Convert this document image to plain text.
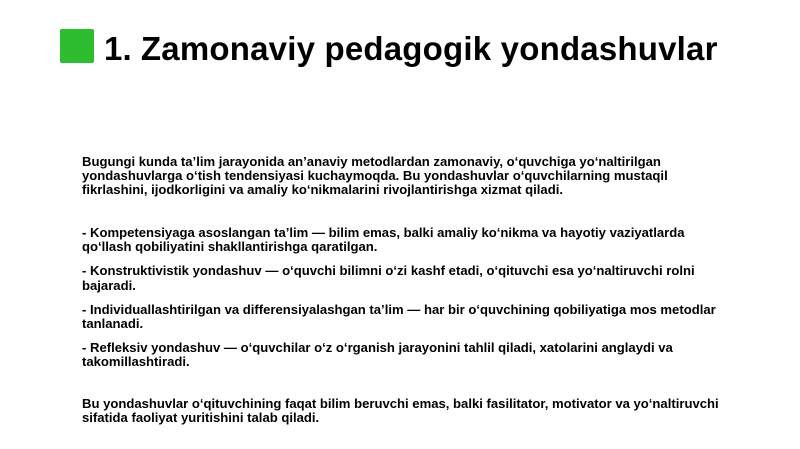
1. Zamonaviy pedagogik yondashuvlar

Bugungi kunda ta’lim jarayonida an’anaviy metodlardan zamonaviy, o‘quvchiga yo‘naltirilgan yondashuvlarga o‘tish tendensiyasi kuchaymoqda. Bu yondashuvlar o‘quvchilarning mustaqil fikrlashini, ijodkorligini va amaliy ko‘nikmalarini rivojlantirishga xizmat qiladi.

- Kompetensiyaga asoslangan ta’lim — bilim emas, balki amaliy ko‘nikma va hayotiy vaziyatlarda qo‘llash qobiliyatini shakllantirishga qaratilgan.

- Konstruktivistik yondashuv — o‘quvchi bilimni o‘zi kashf etadi, o‘qituvchi esa yo‘naltiruvchi rolni bajaradi.

- Individuallashtirilgan va differensiyalashgan ta’lim — har bir o‘quvchining qobiliyatiga mos metodlar tanlanadi.

- Refleksiv yondashuv — o‘quvchilar o‘z o‘rganish jarayonini tahlil qiladi, xatolarini anglaydi va takomillashtiradi.

Bu yondashuvlar o‘qituvchining faqat bilim beruvchi emas, balki fasilitator, motivator va yo‘naltiruvchi sifatida faoliyat yuritishini talab qiladi.
